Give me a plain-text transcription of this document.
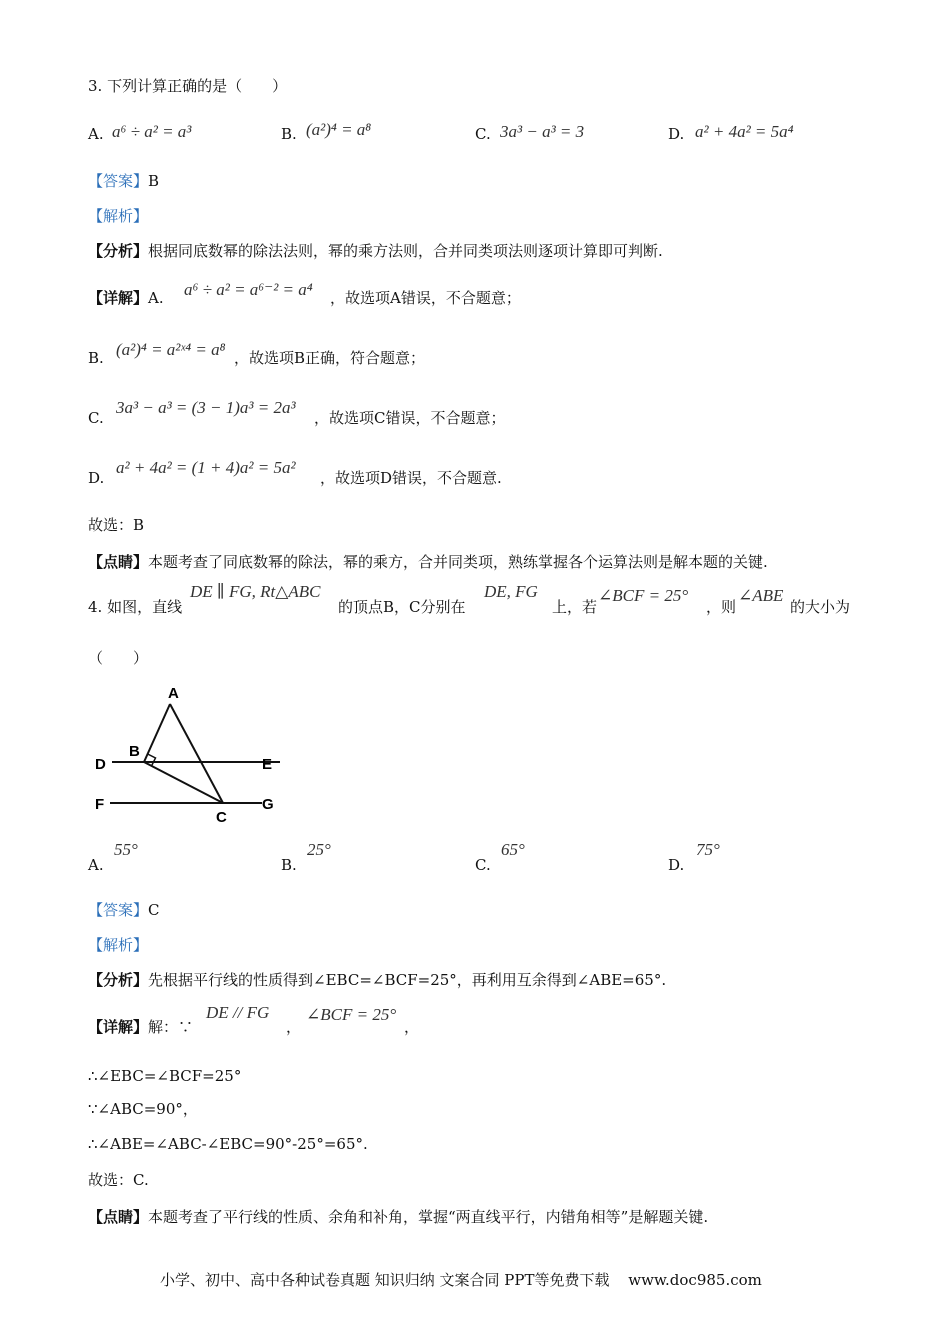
3. 下列计算正确的是（　　）
A. a⁶ ÷ a² = a³	B. (a²)⁴ = a⁸	C. 3a³ − a³ = 3	D. a² + 4a² = 5a⁴
【答案】B
【解析】
【分析】根据同底数幂的除法法则，幂的乘方法则，合并同类项法则逐项计算即可判断.
【详解】A. a⁶ ÷ a² = a⁶⁻² = a⁴ ，故选项A错误，不合题意；
B. (a²)⁴ = a²ˣ⁴ = a⁸ ，故选项B正确，符合题意；
C.
3a³ − a³ = (3 − 1)a³ = 2a³
，故选项C错误，不合题意；
D.
a² + 4a² = (1 + 4)a² = 5a²
，故选项D错误，不合题意.
故选：B
【点睛】本题考查了同底数幂的除法，幂的乘方，合并同类项，熟练掌握各个运算法则是解本题的关键.
4. 如图，直线
DE ∥ FG, Rt△ABC
的顶点B，C分别在
DE, FG
上，若
∠BCF = 25°
，则
∠ABE
的大小为
（　　）
A
B
C
D	E
F	G
A.
55°
B.
25°
C.
65°
D.
75°
【答案】C
【解析】
【分析】先根据平行线的性质得到∠EBC=∠BCF=25°，再利用互余得到∠ABE=65°.
【详解】解：∵
DE // FG
，
∠BCF = 25°
，
∴∠EBC=∠BCF=25°
∵∠ABC=90°，
∴∠ABE=∠ABC-∠EBC=90°-25°=65°.
故选：C.
【点睛】本题考查了平行线的性质、余角和补角，掌握“两直线平行，内错角相等”是解题关键.
小学、初中、高中各种试卷真题 知识归纳 文案合同 PPT等免费下载 www.doc985.com
